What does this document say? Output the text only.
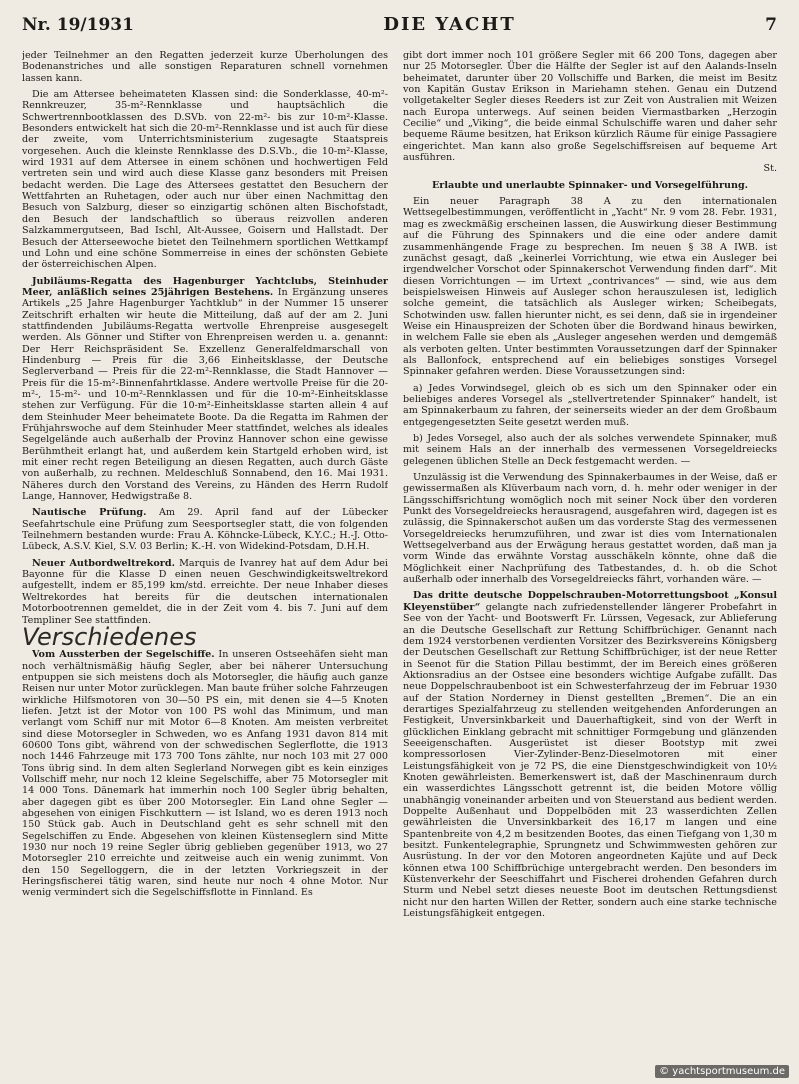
Nr. 19/1931	DIE YACHT	7

jeder Teilnehmer an den Regatten jederzeit kurze Überholungen des Bodenanstriches und alle sonstigen Reparaturen schnell vornehmen lassen kann.

Die am Attersee beheimateten Klassen sind: die Sonderklasse, 40-m²-Rennkreuzer, 35-m²-Rennklasse und hauptsächlich die Schwertrennbootklassen des D.SVb. von 22-m²- bis zur 10-m²-Klasse. Besonders entwickelt hat sich die 20-m²-Rennklasse und ist auch für diese der zweite, vom Unterrichtsministerium zugesagte Staatspreis vorgesehen. Auch die kleinste Rennklasse des D.S.Vb., die 10-m²-Klasse, wird 1931 auf dem Attersee in einem schönen und hochwertigen Feld vertreten sein und wird auch diese Klasse ganz besonders mit Preisen bedacht werden. Die Lage des Attersees gestattet den Besuchern der Wettfahrten an Ruhetagen, oder auch nur über einen Nachmittag den Besuch von Salzburg, dieser so einzigartig schönen alten Bischofstadt, den Besuch der landschaftlich so überaus reizvollen anderen Salzkammergutseen, Bad Ischl, Alt-Aussee, Goisern und Hallstadt. Der Besuch der Atterseewoche bietet den Teilnehmern sportlichen Wettkampf und Lohn und eine schöne Sommerreise in eines der schönsten Gebiete der österreichischen Alpen.

Jubiläums-Regatta des Hagenburger Yachtclubs, Steinhuder Meer, anläßlich seines 25jährigen Bestehens. In Ergänzung unseres Artikels „25 Jahre Hagenburger Yachtklub“ in der Nummer 15 unserer Zeitschrift erhalten wir heute die Mitteilung, daß auf der am 2. Juni stattfindenden Jubiläums-Regatta wertvolle Ehrenpreise ausgesegelt werden. Als Gönner und Stifter von Ehrenpreisen werden u. a. genannt: Der Herr Reichspräsident Se. Exzellenz Generalfeldmarschall von Hindenburg — Preis für die 3,66 Einheitsklasse, der Deutsche Seglerverband — Preis für die 22-m²-Rennklasse, die Stadt Hannover — Preis für die 15-m²-Binnenfahrtklasse. Andere wertvolle Preise für die 20-m²-, 15-m²- und 10-m²-Rennklassen und für die 10-m²-Einheitsklasse stehen zur Verfügung. Für die 10-m²-Einheitsklasse starten allein 4 auf dem Steinhuder Meer beheimatete Boote. Da die Regatta im Rahmen der Frühjahrswoche auf dem Steinhuder Meer stattfindet, welches als ideales Segelgelände auch außerhalb der Provinz Hannover schon eine gewisse Berühmtheit erlangt hat, und außerdem kein Startgeld erhoben wird, ist mit einer recht regen Beteiligung an diesen Regatten, auch durch Gäste von außerhalb, zu rechnen. Meldeschluß Sonnabend, den 16. Mai 1931. Näheres durch den Vorstand des Vereins, zu Händen des Herrn Rudolf Lange, Hannover, Hedwigstraße 8.

Nautische Prüfung. Am 29. April fand auf der Lübecker Seefahrtschule eine Prüfung zum Seesportsegler statt, die von folgenden Teilnehmern bestanden wurde: Frau A. Köhncke-Lübeck, K.Y.C.; H.-J. Otto-Lübeck, A.S.V. Kiel, S.V. 03 Berlin; K.-H. von Widekind-Potsdam, D.H.H.

Neuer Autbordweltrekord. Marquis de Ivanrey hat auf dem Adur bei Bayonne für die Klasse D einen neuen Geschwindigkeitsweltrekord aufgestellt, indem er 85,199 km/std. erreichte. Der neue Inhaber dieses Weltrekordes hat bereits für die deutschen internationalen Motorbootrennen gemeldet, die in der Zeit vom 4. bis 7. Juni auf dem Templiner See stattfinden.

Verschiedenes

Vom Aussterben der Segelschiffe. In unseren Ostseehäfen sieht man noch verhältnismäßig häufig Segler, aber bei näherer Untersuchung entpuppen sie sich meistens doch als Motorsegler, die häufig auch ganze Reisen nur unter Motor zurücklegen. Man baute früher solche Fahrzeugen wirkliche Hilfsmotoren von 30—50 PS ein, mit denen sie 4—5 Knoten liefen. Jetzt ist der Motor von 100 PS wohl das Minimum, und man verlangt vom Schiff nur mit Motor 6—8 Knoten. Am meisten verbreitet sind diese Motorsegler in Schweden, wo es Anfang 1931 davon 814 mit 60600 Tons gibt, während von der schwedischen Seglerflotte, die 1913 noch 1446 Fahrzeuge mit 173 700 Tons zählte, nur noch 103 mit 27 000 Tons übrig sind. In dem alten Seglerland Norwegen gibt es kein einziges Vollschiff mehr, nur noch 12 kleine Segelschiffe, aber 75 Motorsegler mit 14 000 Tons. Dänemark hat immerhin noch 100 Segler übrig behalten, aber dagegen gibt es über 200 Motorsegler. Ein Land ohne Segler — abgesehen von einigen Fischkuttern — ist Island, wo es deren 1913 noch 150 Stück gab. Auch in Deutschland geht es sehr schnell mit den Segelschiffen zu Ende. Abgesehen von kleinen Küstenseglern sind Mitte 1930 nur noch 19 reine Segler übrig geblieben gegenüber 1913, wo 27 Motorsegler 210 erreichte und zeitweise auch ein wenig zunimmt. Von den 150 Segelloggern, die in der letzten Vorkriegszeit in der Heringsfischerei tätig waren, sind heute nur noch 4 ohne Motor. Nur wenig vermindert sich die Segelschiffsflotte in Finnland. Es

gibt dort immer noch 101 größere Segler mit 66 200 Tons, dagegen aber nur 25 Motorsegler. Über die Hälfte der Segler ist auf den Aalands-Inseln beheimatet, darunter über 20 Vollschiffe und Barken, die meist im Besitz von Kapitän Gustav Erikson in Mariehamn stehen. Genau ein Dutzend vollgetakelter Segler dieses Reeders ist zur Zeit von Australien mit Weizen nach Europa unterwegs. Auf seinen beiden Viermastbarken „Herzogin Cecilie“ und „Viking“, die beide einmal Schulschiffe waren und daher sehr bequeme Räume besitzen, hat Erikson kürzlich Räume für einige Passagiere eingerichtet. Man kann also große Segelschiffsreisen auf bequeme Art ausführen.

St.

Erlaubte und unerlaubte Spinnaker- und Vorsegelführung.

Ein neuer Paragraph 38 A zu den internationalen Wettsegelbestimmungen, veröffentlicht in „Yacht“ Nr. 9 vom 28. Febr. 1931, mag es zweckmäßig erscheinen lassen, die Auswirkung dieser Bestimmung auf die Führung des Spinnakers und die eine oder andere damit zusammenhängende Frage zu besprechen. Im neuen § 38 A IWB. ist zunächst gesagt, daß „keinerlei Vorrichtung, wie etwa ein Ausleger bei irgendwelcher Vorschot oder Spinnakerschot Verwendung finden darf“. Mit diesen Vorrichtungen — im Urtext „contrivances“ — sind, wie aus dem beispielsweisen Hinweis auf Ausleger schon herauszulesen ist, lediglich solche gemeint, die tatsächlich als Ausleger wirken; Scheibegats, Schotwinden usw. fallen hierunter nicht, es sei denn, daß sie in irgendeiner Weise ein Hinauspreizen der Schoten über die Bordwand hinaus bewirken, in welchem Falle sie eben als „Ausleger angesehen werden und demgemäß als verboten gelten. Unter bestimmten Voraussetzungen darf der Spinnaker als Ballonfock, entsprechend auf ein beliebiges sonstiges Vorsegel Spinnaker gefahren werden. Diese Voraussetzungen sind:

a) Jedes Vorwindsegel, gleich ob es sich um den Spinnaker oder ein beliebiges anderes Vorsegel als „stellvertretender Spinnaker“ handelt, ist am Spinnakerbaum zu fahren, der seinerseits wieder an der dem Großbaum entgegengesetzten Seite gesetzt werden muß.

b) Jedes Vorsegel, also auch der als solches verwendete Spinnaker, muß mit seinem Hals an der innerhalb des vermessenen Vorsegeldreiecks gelegenen üblichen Stelle an Deck festgemacht werden. —

Unzulässig ist die Verwendung des Spinnakerbaumes in der Weise, daß er gewissermaßen als Klüverbaum nach vorn, d. h. mehr oder weniger in der Längsschiffsrichtung womöglich noch mit seiner Nock über den vorderen Punkt des Vorsegeldreiecks herausragend, ausgefahren wird, dagegen ist es zulässig, die Spinnakerschot außen um das vorderste Stag des vermessenen Vorsegeldreiecks herumzuführen, und zwar ist dies vom Internationalen Wettsegelverband aus der Erwägung heraus gestattet worden, daß man ja vorm Winde das erwähnte Vorstag ausschäkeln könnte, ohne daß die Möglichkeit einer Nachprüfung des Tatbestandes, d. h. ob die Schot außerhalb oder innerhalb des Vorsegeldreiecks fährt, vorhanden wäre. —

Das dritte deutsche Doppelschrauben-Motorrettungsboot „Konsul Kleyenstüber“ gelangte nach zufriedenstellender längerer Probefahrt in See von der Yacht- und Bootswerft Fr. Lürssen, Vegesack, zur Ablieferung an die Deutsche Gesellschaft zur Rettung Schiffbrüchiger. Genannt nach dem 1924 verstorbenen verdienten Vorsitzer des Bezirksvereins Königsberg der Deutschen Gesellschaft zur Rettung Schiffbrüchiger, ist der neue Retter in Seenot für die Station Pillau bestimmt, der im Bereich eines größeren Aktionsradius an der Ostsee eine besonders wichtige Aufgabe zufällt. Das neue Doppelschraubenboot ist ein Schwesterfahrzeug der im Februar 1930 auf der Station Norderney in Dienst gestellten „Bremen“. Die an ein derartiges Spezialfahrzeug zu stellenden weitgehenden Anforderungen an Festigkeit, Unversinkbarkeit und Dauerhaftigkeit, sind von der Werft in glücklichen Einklang gebracht mit schnittiger Formgebung und glänzenden Seeeigenschaften. Ausgerüstet ist dieser Bootstyp mit zwei kompressorlosen Vier-Zylinder-Benz-Dieselmotoren mit einer Leistungsfähigkeit von je 72 PS, die eine Dienstgeschwindigkeit von 10½ Knoten gewährleisten. Bemerkenswert ist, daß der Maschinenraum durch ein wasserdichtes Längsschott getrennt ist, die beiden Motore völlig unabhängig voneinander arbeiten und von Steuerstand aus bedient werden. Doppelte Außenhaut und Doppelböden mit 23 wasserdichten Zellen gewährleisten die Unversinkbarkeit des 16,17 m langen und eine Spantenbreite von 4,2 m besitzenden Bootes, das einen Tiefgang von 1,30 m besitzt. Funkentelegraphie, Sprungnetz und Schwimmwesten gehören zur Ausrüstung. In der vor den Motoren angeordneten Kajüte und auf Deck können etwa 100 Schiffbrüchige untergebracht werden. Den besonders im Küstenverkehr der Seeschiffahrt und Fischerei drohenden Gefahren durch Sturm und Nebel setzt dieses neueste Boot im deutschen Rettungsdienst nicht nur den harten Willen der Retter, sondern auch eine starke technische Leistungsfähigkeit entgegen.

© yachtsportmuseum.de
